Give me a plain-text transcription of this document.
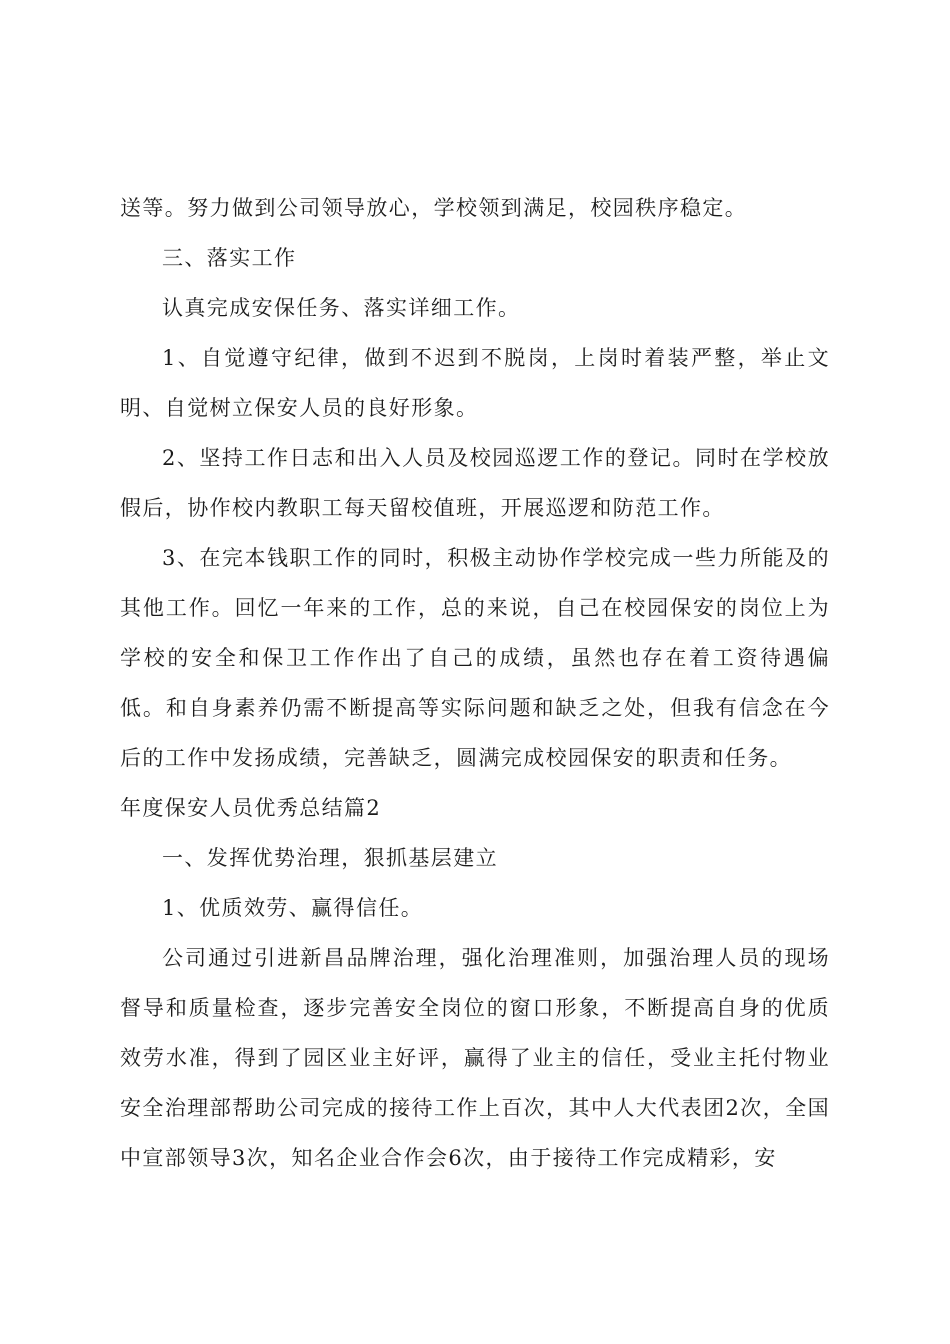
送等。努力做到公司领导放心，学校领到满足，校园秩序稳定。

三、落实工作

认真完成安保任务、落实详细工作。

1、自觉遵守纪律，做到不迟到不脱岗，上岗时着装严整，举止文明、自觉树立保安人员的良好形象。

2、坚持工作日志和出入人员及校园巡逻工作的登记。同时在学校放假后，协作校内教职工每天留校值班，开展巡逻和防范工作。

3、在完本钱职工作的同时，积极主动协作学校完成一些力所能及的其他工作。回忆一年来的工作，总的来说，自己在校园保安的岗位上为学校的安全和保卫工作作出了自己的成绩，虽然也存在着工资待遇偏低。和自身素养仍需不断提高等实际问题和缺乏之处，但我有信念在今后的工作中发扬成绩，完善缺乏，圆满完成校园保安的职责和任务。

年度保安人员优秀总结篇2

一、发挥优势治理，狠抓基层建立

1、优质效劳、赢得信任。

公司通过引进新昌品牌治理，强化治理准则，加强治理人员的现场督导和质量检查，逐步完善安全岗位的窗口形象，不断提高自身的优质效劳水准，得到了园区业主好评，赢得了业主的信任，受业主托付物业安全治理部帮助公司完成的接待工作上百次，其中人大代表团2次，全国中宣部领导3次，知名企业合作会6次，由于接待工作完成精彩，安
